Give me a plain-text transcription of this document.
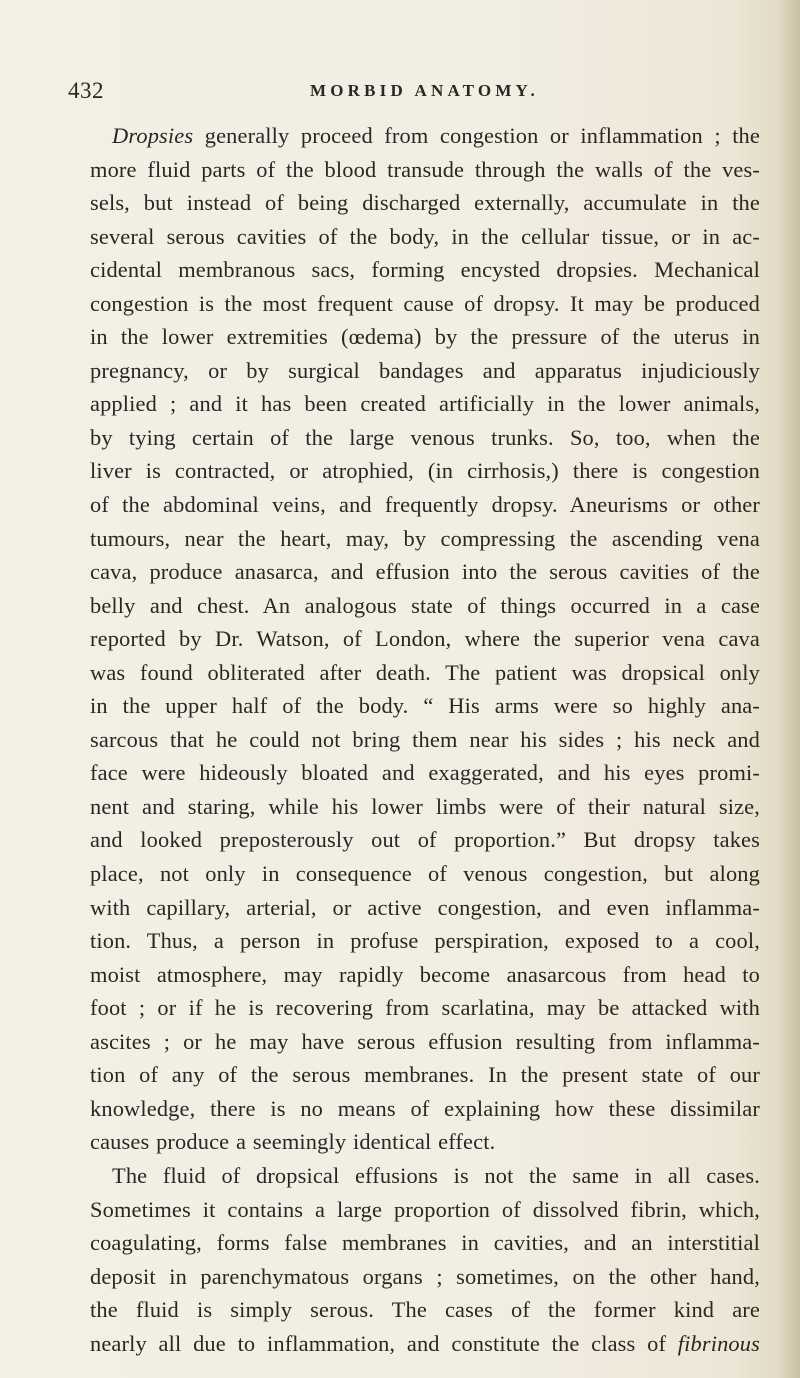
432	MORBID ANATOMY.
Dropsies generally proceed from congestion or inflammation ; the
more fluid parts of the blood transude through the walls of the ves-
sels, but instead of being discharged externally, accumulate in the
several serous cavities of the body, in the cellular tissue, or in ac-
cidental membranous sacs, forming encysted dropsies. Mechanical
congestion is the most frequent cause of dropsy. It may be produced
in the lower extremities (œdema) by the pressure of the uterus in
pregnancy, or by surgical bandages and apparatus injudiciously
applied ; and it has been created artificially in the lower animals,
by tying certain of the large venous trunks. So, too, when the
liver is contracted, or atrophied, (in cirrhosis,) there is congestion
of the abdominal veins, and frequently dropsy. Aneurisms or other
tumours, near the heart, may, by compressing the ascending vena
cava, produce anasarca, and effusion into the serous cavities of the
belly and chest. An analogous state of things occurred in a case
reported by Dr. Watson, of London, where the superior vena cava
was found obliterated after death. The patient was dropsical only
in the upper half of the body. “ His arms were so highly ana-
sarcous that he could not bring them near his sides ; his neck and
face were hideously bloated and exaggerated, and his eyes promi-
nent and staring, while his lower limbs were of their natural size,
and looked preposterously out of proportion.” But dropsy takes
place, not only in consequence of venous congestion, but along
with capillary, arterial, or active congestion, and even inflamma-
tion. Thus, a person in profuse perspiration, exposed to a cool,
moist atmosphere, may rapidly become anasarcous from head to
foot ; or if he is recovering from scarlatina, may be attacked with
ascites ; or he may have serous effusion resulting from inflamma-
tion of any of the serous membranes. In the present state of our
knowledge, there is no means of explaining how these dissimilar
causes produce a seemingly identical effect.
The fluid of dropsical effusions is not the same in all cases.
Sometimes it contains a large proportion of dissolved fibrin, which,
coagulating, forms false membranes in cavities, and an interstitial
deposit in parenchymatous organs ; sometimes, on the other hand,
the fluid is simply serous. The cases of the former kind are
nearly all due to inflammation, and constitute the class of fibrinous
